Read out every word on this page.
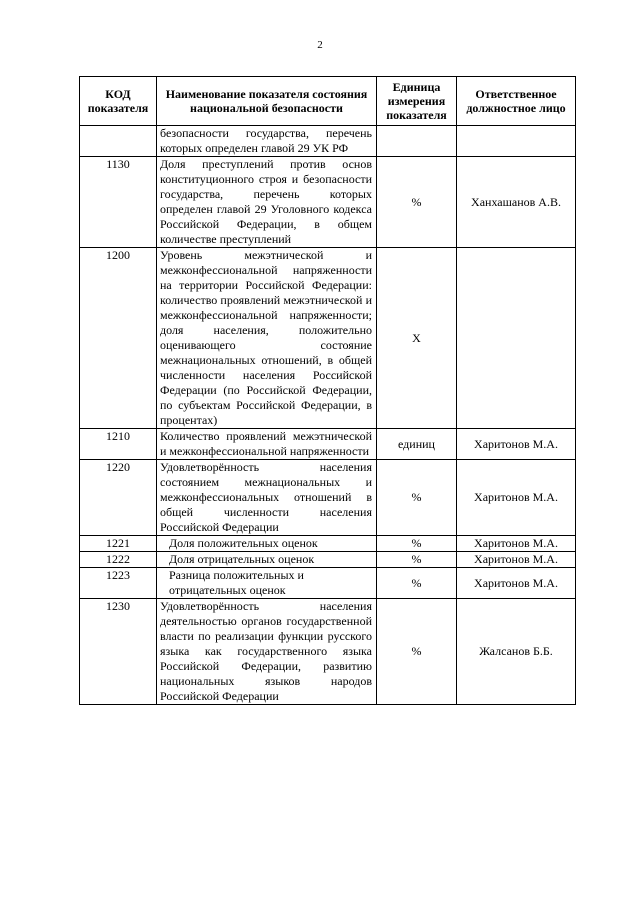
2
КОД показателя	Наименование показателя состояния национальной безопасности	Единица измерения показателя	Ответственное должностное лицо
	безопасности государства, перечень которых определен главой 29 УК РФ		
1130	Доля преступлений против основ конституционного строя и безопасности государства, перечень которых определен главой 29 Уголовного кодекса Российской Федерации, в общем количестве преступлений	%	Ханхашанов А.В.
1200	Уровень межэтнической и межконфессиональной напряженности на территории Российской Федерации: количество проявлений межэтнической и межконфессиональной напряженности; доля населения, положительно оценивающего состояние межнациональных отношений, в общей численности населения Российской Федерации (по Российской Федерации, по субъектам Российской Федерации, в процентах)	X	
1210	Количество проявлений межэтнической и межконфессиональной напряженности	единиц	Харитонов М.А.
1220	Удовлетворённость населения состоянием межнациональных и межконфессиональных отношений в общей численности населения Российской Федерации	%	Харитонов М.А.
1221	Доля положительных оценок	%	Харитонов М.А.
1222	Доля отрицательных оценок	%	Харитонов М.А.
1223	Разница положительных и отрицательных оценок	%	Харитонов М.А.
1230	Удовлетворённость населения деятельностью органов государственной власти по реализации функции русского языка как государственного языка Российской Федерации, развитию национальных языков народов Российской Федерации	%	Жалсанов Б.Б.
